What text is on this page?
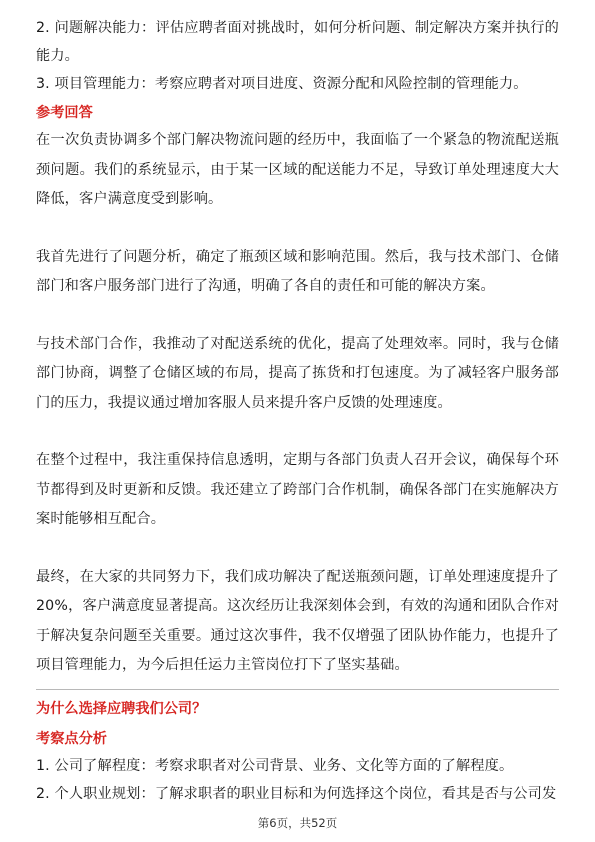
2. 问题解决能力：评估应聘者面对挑战时，如何分析问题、制定解决方案并执行的能力。

3. 项目管理能力：考察应聘者对项目进度、资源分配和风险控制的管理能力。

参考回答

在一次负责协调多个部门解决物流问题的经历中，我面临了一个紧急的物流配送瓶颈问题。我们的系统显示，由于某一区域的配送能力不足，导致订单处理速度大大降低，客户满意度受到影响。

我首先进行了问题分析，确定了瓶颈区域和影响范围。然后，我与技术部门、仓储部门和客户服务部门进行了沟通，明确了各自的责任和可能的解决方案。

与技术部门合作，我推动了对配送系统的优化，提高了处理效率。同时，我与仓储部门协商，调整了仓储区域的布局，提高了拣货和打包速度。为了减轻客户服务部门的压力，我提议通过增加客服人员来提升客户反馈的处理速度。

在整个过程中，我注重保持信息透明，定期与各部门负责人召开会议，确保每个环节都得到及时更新和反馈。我还建立了跨部门合作机制，确保各部门在实施解决方案时能够相互配合。

最终，在大家的共同努力下，我们成功解决了配送瓶颈问题，订单处理速度提升了20%，客户满意度显著提高。这次经历让我深刻体会到，有效的沟通和团队合作对于解决复杂问题至关重要。通过这次事件，我不仅增强了团队协作能力，也提升了项目管理能力，为今后担任运力主管岗位打下了坚实基础。

为什么选择应聘我们公司？
考察点分析

1. 公司了解程度：考察求职者对公司背景、业务、文化等方面的了解程度。

2. 个人职业规划：了解求职者的职业目标和为何选择这个岗位，看其是否与公司发

第6页，共52页
